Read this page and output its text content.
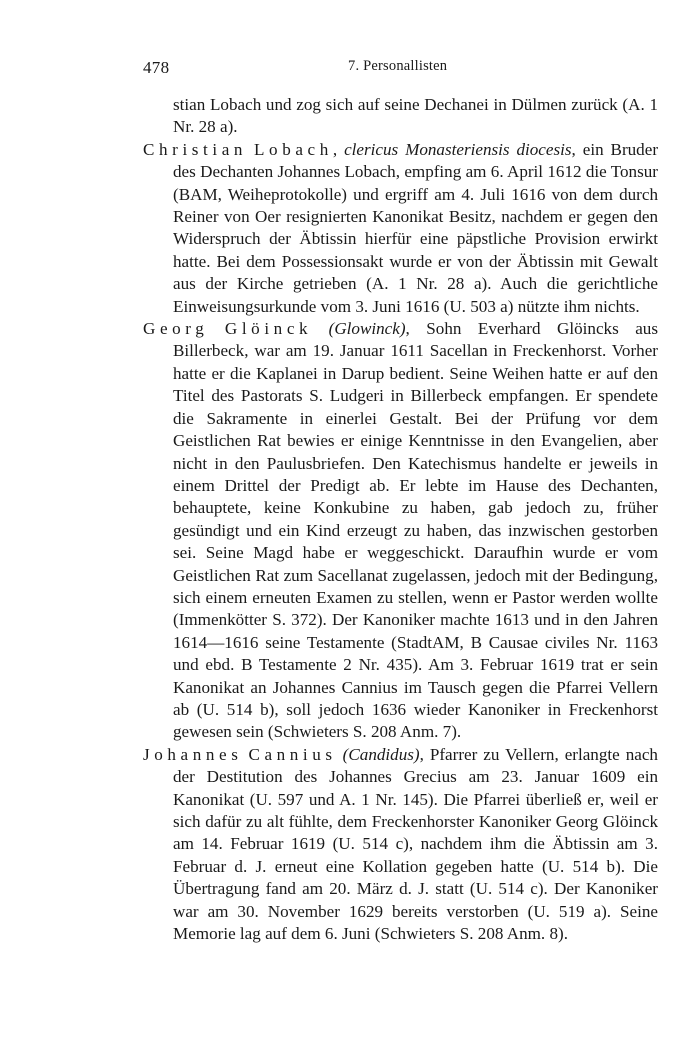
478	7. Personallisten

stian Lobach und zog sich auf seine Dechanei in Dülmen zurück (A. 1 Nr. 28 a).

Christian Lobach, clericus Monasteriensis diocesis, ein Bruder des Dechanten Johannes Lobach, empfing am 6. April 1612 die Tonsur (BAM, Weiheprotokolle) und ergriff am 4. Juli 1616 von dem durch Reiner von Oer resignierten Kanonikat Besitz, nachdem er gegen den Widerspruch der Äbtissin hierfür eine päpstliche Provision erwirkt hatte. Bei dem Possessionsakt wurde er von der Äbtissin mit Gewalt aus der Kirche getrieben (A. 1 Nr. 28 a). Auch die gerichtliche Einweisungsurkunde vom 3. Juni 1616 (U. 503 a) nützte ihm nichts.

Georg Glöinck (Glowinck), Sohn Everhard Glöincks aus Billerbeck, war am 19. Januar 1611 Sacellan in Freckenhorst. Vorher hatte er die Kaplanei in Darup bedient. Seine Weihen hatte er auf den Titel des Pastorats S. Ludgeri in Billerbeck empfangen. Er spendete die Sakramente in einerlei Gestalt. Bei der Prüfung vor dem Geistlichen Rat bewies er einige Kenntnisse in den Evangelien, aber nicht in den Paulusbriefen. Den Katechismus handelte er jeweils in einem Drittel der Predigt ab. Er lebte im Hause des Dechanten, behauptete, keine Konkubine zu haben, gab jedoch zu, früher gesündigt und ein Kind erzeugt zu haben, das inzwischen gestorben sei. Seine Magd habe er weggeschickt. Daraufhin wurde er vom Geistlichen Rat zum Sacellanat zugelassen, jedoch mit der Bedingung, sich einem erneuten Examen zu stellen, wenn er Pastor werden wollte (Immenkötter S. 372). Der Kanoniker machte 1613 und in den Jahren 1614—1616 seine Testamente (StadtAM, B Causae civiles Nr. 1163 und ebd. B Testamente 2 Nr. 435). Am 3. Februar 1619 trat er sein Kanonikat an Johannes Cannius im Tausch gegen die Pfarrei Vellern ab (U. 514 b), soll jedoch 1636 wieder Kanoniker in Freckenhorst gewesen sein (Schwieters S. 208 Anm. 7).

Johannes Cannius (Candidus), Pfarrer zu Vellern, erlangte nach der Destitution des Johannes Grecius am 23. Januar 1609 ein Kanonikat (U. 597 und A. 1 Nr. 145). Die Pfarrei überließ er, weil er sich dafür zu alt fühlte, dem Freckenhorster Kanoniker Georg Glöinck am 14. Februar 1619 (U. 514 c), nachdem ihm die Äbtissin am 3. Februar d. J. erneut eine Kollation gegeben hatte (U. 514 b). Die Übertragung fand am 20. März d. J. statt (U. 514 c). Der Kanoniker war am 30. November 1629 bereits verstorben (U. 519 a). Seine Memorie lag auf dem 6. Juni (Schwieters S. 208 Anm. 8).
